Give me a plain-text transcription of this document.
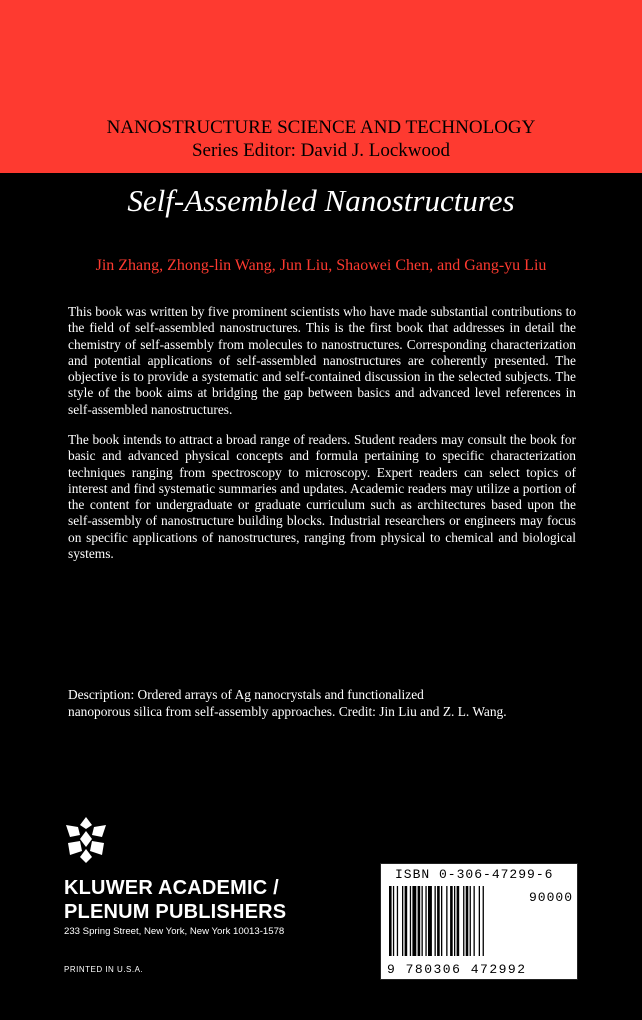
NANOSTRUCTURE SCIENCE AND TECHNOLOGY
Series Editor: David J. Lockwood
Self-Assembled Nanostructures
Jin Zhang, Zhong-lin Wang, Jun Liu, Shaowei Chen, and Gang-yu Liu
This book was written by five prominent scientists who have made substantial contributions to the field of self-assembled nanostructures. This is the first book that addresses in detail the chemistry of self-assembly from molecules to nanostructures. Corresponding characterization and potential applications of self-assembled nanostructures are coherently presented. The objective is to provide a systematic and self-contained discussion in the selected subjects. The style of the book aims at bridging the gap between basics and advanced level references in self-assembled nanostructures.
The book intends to attract a broad range of readers. Student readers may consult the book for basic and advanced physical concepts and formula pertaining to specific characterization techniques ranging from spectroscopy to microscopy. Expert readers can select topics of interest and find systematic summaries and updates. Academic readers may utilize a portion of the content for undergraduate or graduate curriculum such as architectures based upon the self-assembly of nanostructure building blocks. Industrial researchers or engineers may focus on specific applications of nanostructures, ranging from physical to chemical and biological systems.
Description: Ordered arrays of Ag nanocrystals and functionalized
nanoporous silica from self-assembly approaches. Credit: Jin Liu and Z. L. Wang.
KLUWER ACADEMIC /
PLENUM PUBLISHERS
233 Spring Street, New York, New York 10013-1578
PRINTED IN U.S.A.
ISBN 0-306-47299-6
90000
9 780306 472992
